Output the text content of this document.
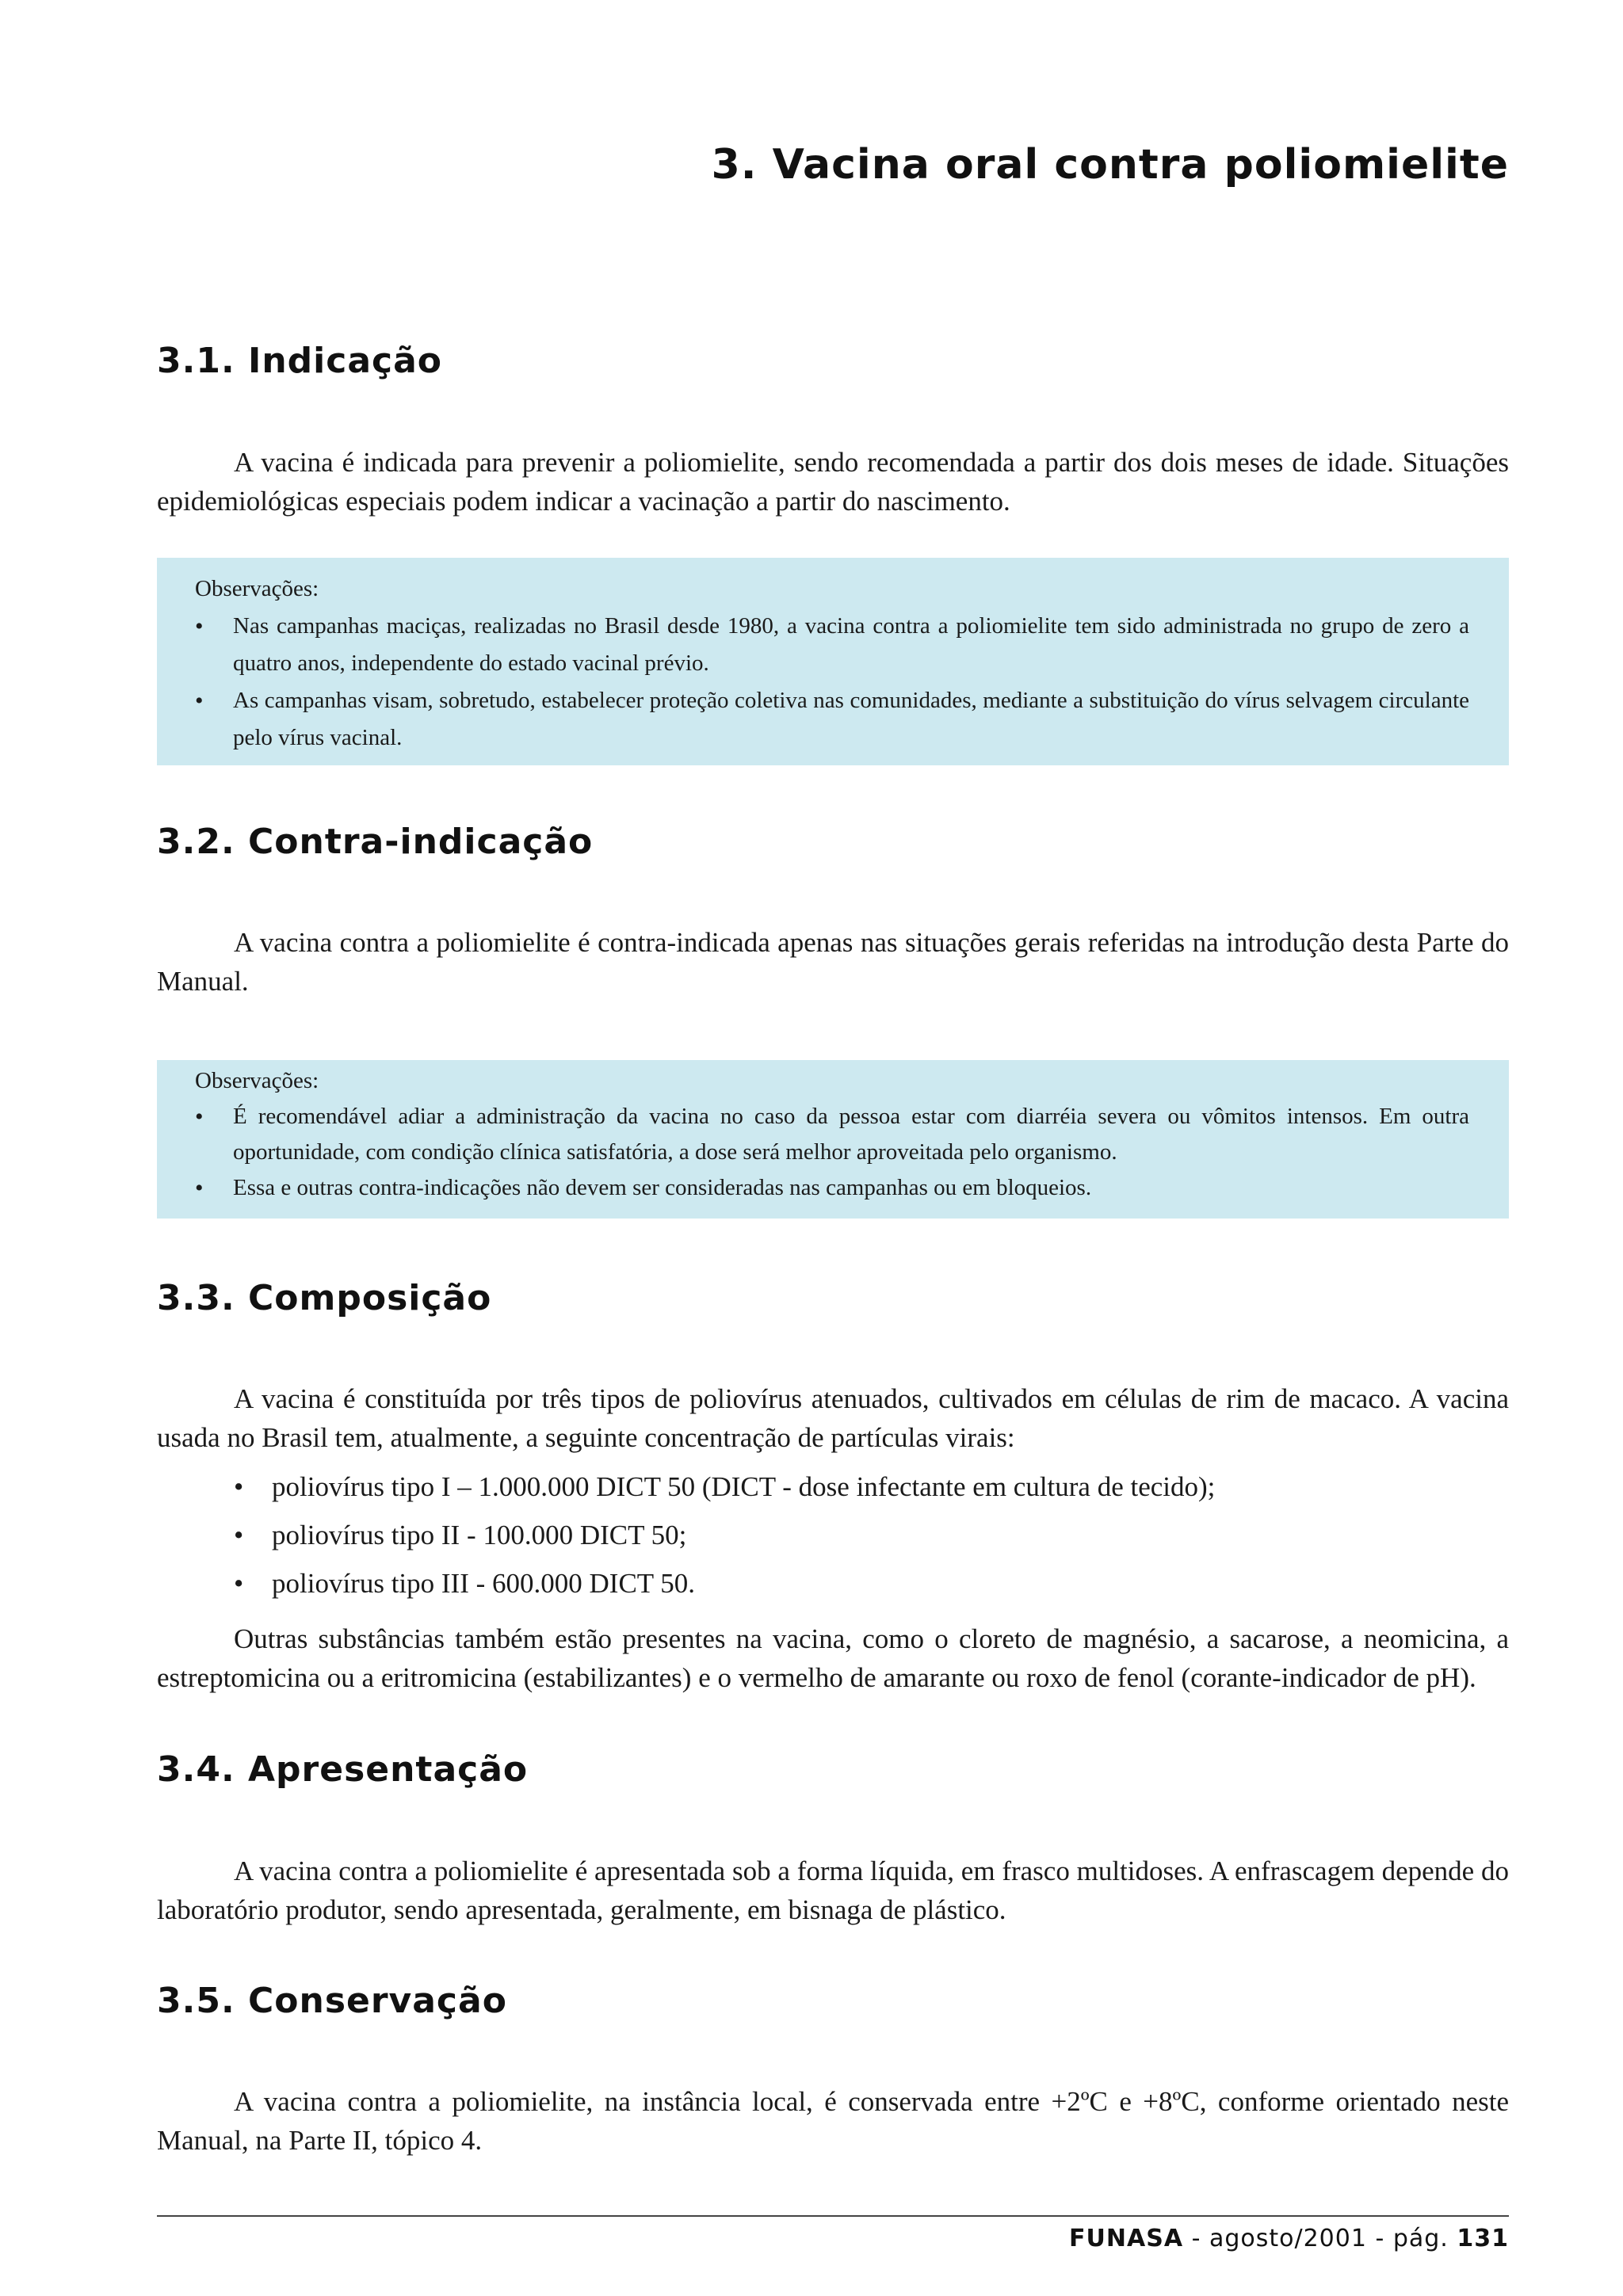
3. Vacina oral contra poliomielite
3.1. Indicação

A vacina é indicada para prevenir a poliomielite, sendo recomendada a partir dos dois meses de idade. Situações epidemiológicas especiais podem indicar a vacinação a partir do nascimento.

Observações:

• Nas campanhas maciças, realizadas no Brasil desde 1980, a vacina contra a poliomielite tem sido administrada no grupo de zero a quatro anos, independente do estado vacinal prévio.
• As campanhas visam, sobretudo, estabelecer proteção coletiva nas comunidades, mediante a substituição do vírus selvagem circulante pelo vírus vacinal.
3.2. Contra-indicação

A vacina contra a poliomielite é contra-indicada apenas nas situações gerais referidas na introdução desta Parte do Manual.

Observações:

• É recomendável adiar a administração da vacina no caso da pessoa estar com diarréia severa ou vômitos intensos. Em outra oportunidade, com condição clínica satisfatória, a dose será melhor aproveitada pelo organismo.
• Essa e outras contra-indicações não devem ser consideradas nas campanhas ou em bloqueios.
3.3. Composição

A vacina é constituída por três tipos de poliovírus atenuados, cultivados em células de rim de macaco. A vacina usada no Brasil tem, atualmente, a seguinte concentração de partículas virais:

• poliovírus tipo I – 1.000.000 DICT 50 (DICT - dose infectante em cultura de tecido);
• poliovírus tipo II - 100.000 DICT 50;
• poliovírus tipo III - 600.000 DICT 50.

Outras substâncias também estão presentes na vacina, como o cloreto de magnésio, a sacarose, a neomicina, a estreptomicina ou a eritromicina (estabilizantes) e o vermelho de amarante ou roxo de fenol (corante-indicador de pH).

3.4. Apresentação

A vacina contra a poliomielite é apresentada sob a forma líquida, em frasco multidoses. A enfrascagem depende do laboratório produtor, sendo apresentada, geralmente, em bisnaga de plástico.

3.5. Conservação

A vacina contra a poliomielite, na instância local, é conservada entre +2ºC e +8ºC, conforme orientado neste Manual, na Parte II, tópico 4.

FUNASA - agosto/2001 - pág. 131
